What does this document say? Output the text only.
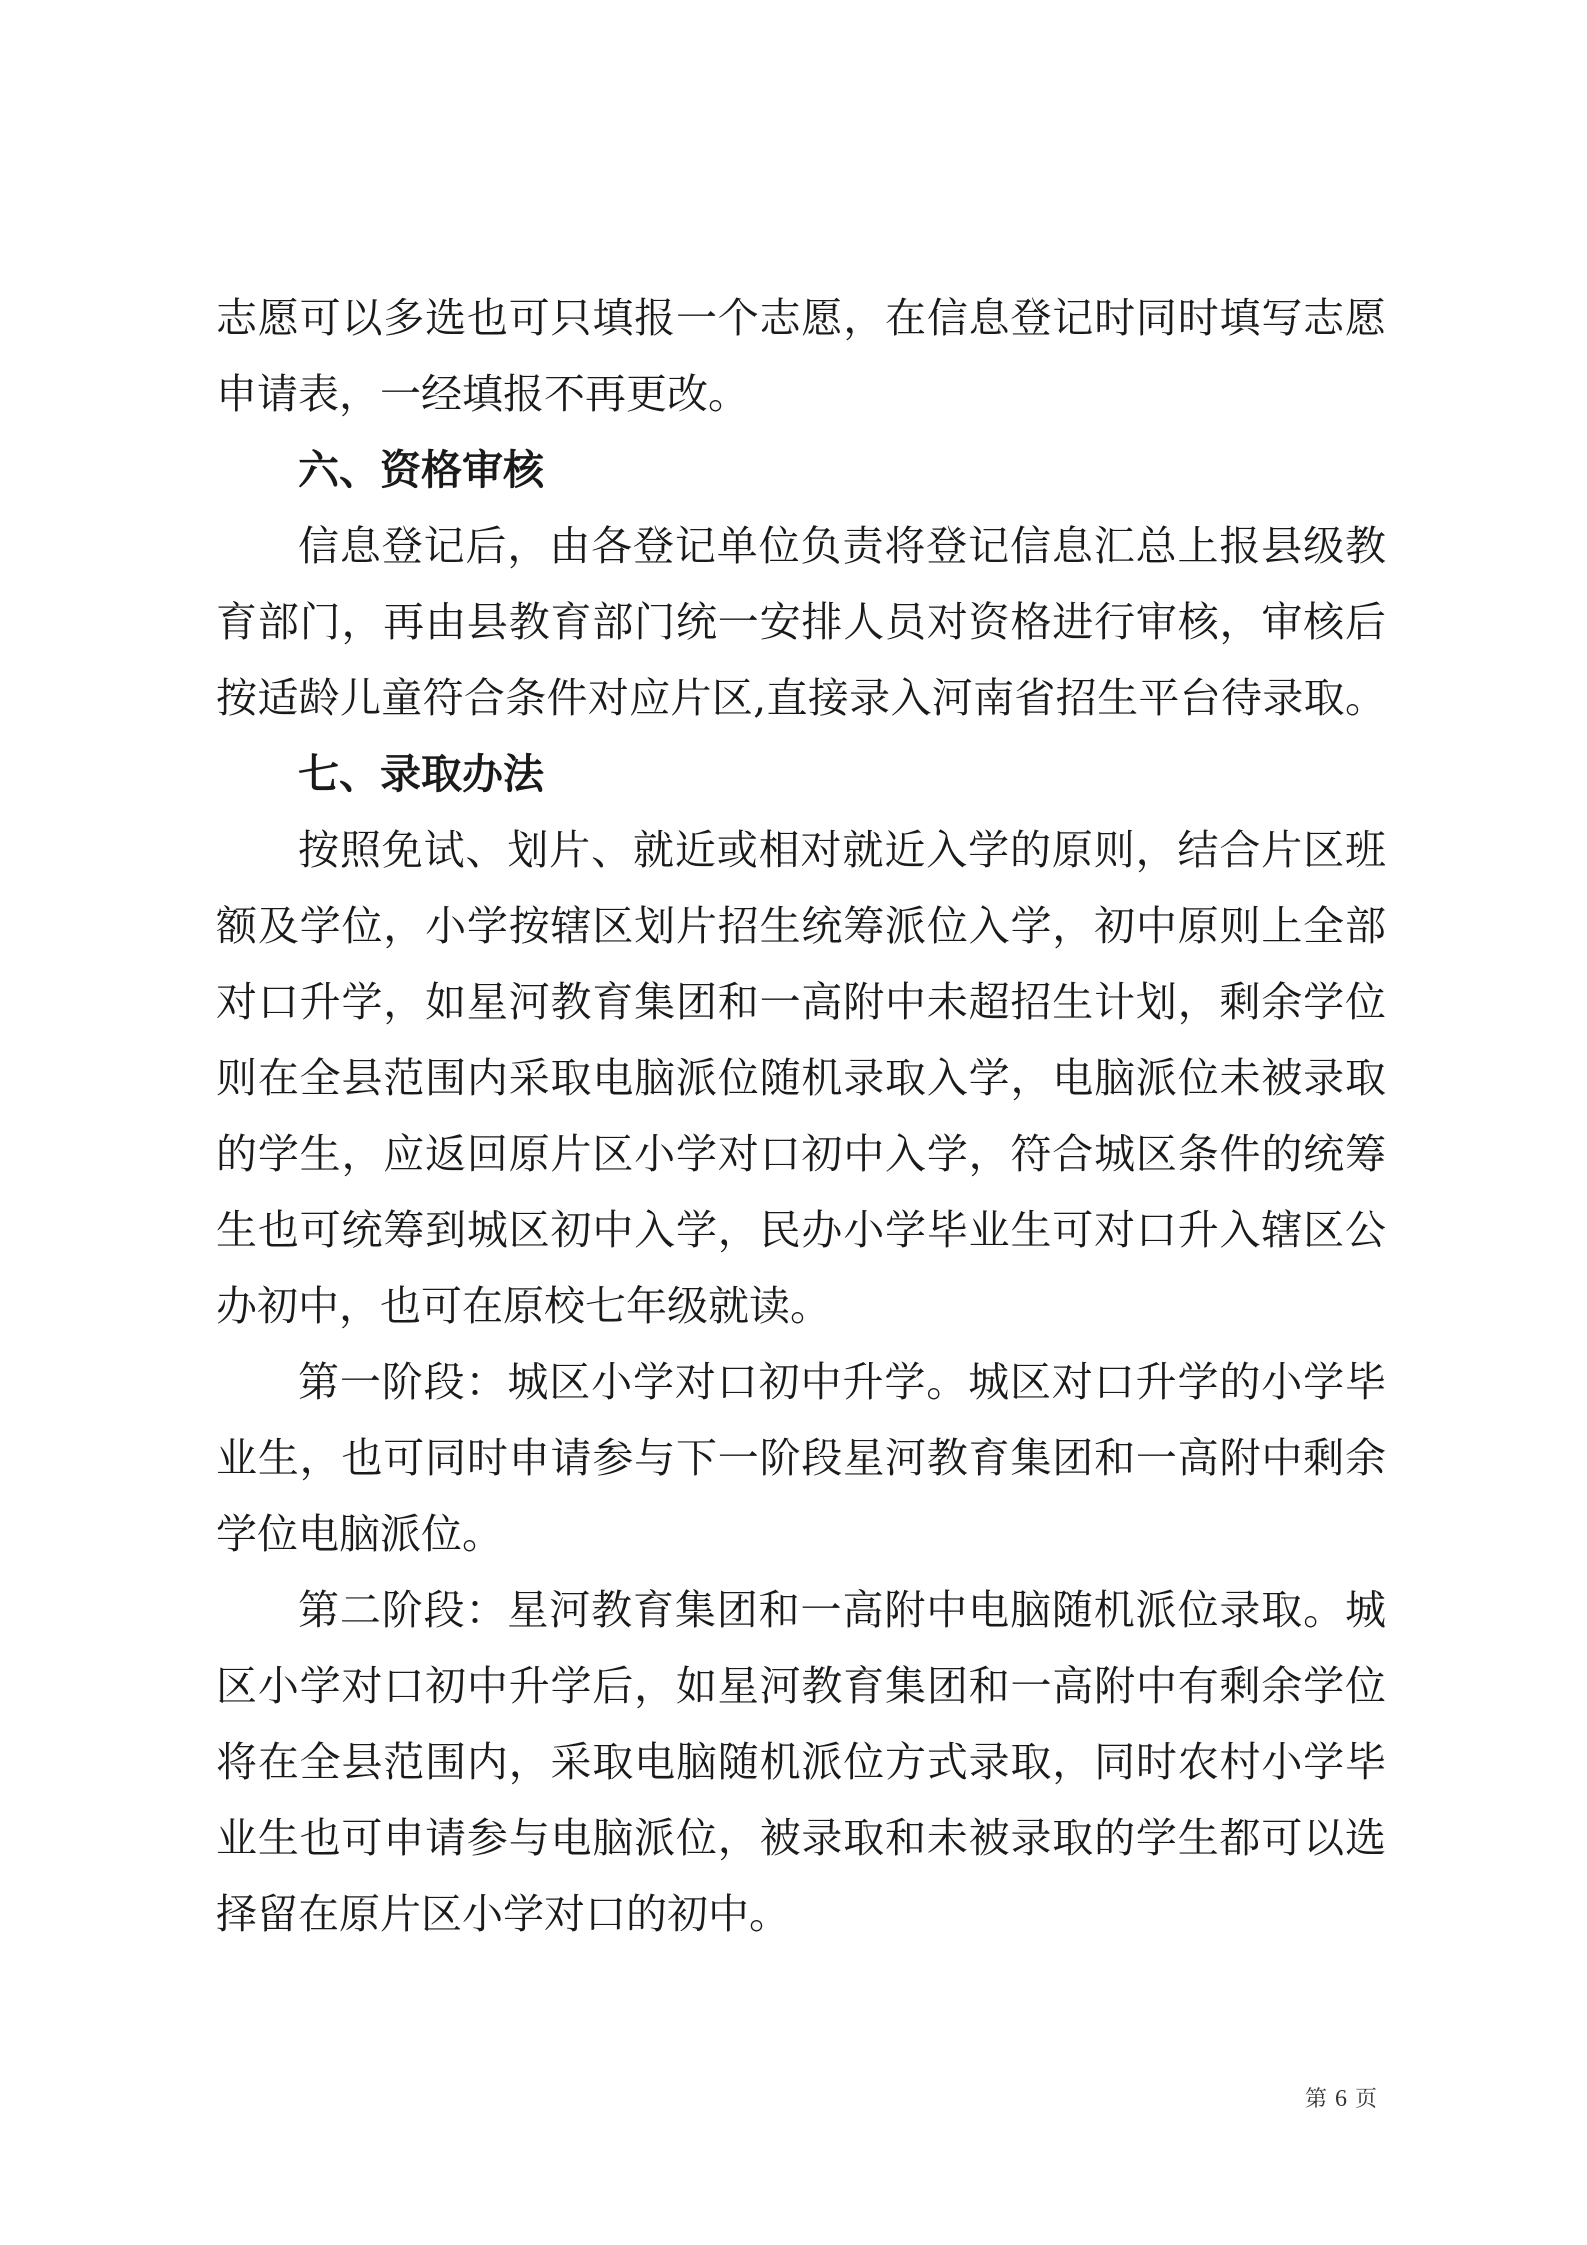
志愿可以多选也可只填报一个志愿，在信息登记时同时填写志愿
申请表，一经填报不再更改。
六、资格审核
信息登记后，由各登记单位负责将登记信息汇总上报县级教
育部门，再由县教育部门统一安排人员对资格进行审核，审核后
按适龄儿童符合条件对应片区,直接录入河南省招生平台待录取。
七、录取办法
按照免试、划片、就近或相对就近入学的原则，结合片区班
额及学位，小学按辖区划片招生统筹派位入学，初中原则上全部
对口升学，如星河教育集团和一高附中未超招生计划，剩余学位
则在全县范围内采取电脑派位随机录取入学，电脑派位未被录取
的学生，应返回原片区小学对口初中入学，符合城区条件的统筹
生也可统筹到城区初中入学，民办小学毕业生可对口升入辖区公
办初中，也可在原校七年级就读。
第一阶段：城区小学对口初中升学。城区对口升学的小学毕
业生，也可同时申请参与下一阶段星河教育集团和一高附中剩余
学位电脑派位。
第二阶段：星河教育集团和一高附中电脑随机派位录取。城
区小学对口初中升学后，如星河教育集团和一高附中有剩余学位
将在全县范围内，采取电脑随机派位方式录取，同时农村小学毕
业生也可申请参与电脑派位，被录取和未被录取的学生都可以选
择留在原片区小学对口的初中。
第 6 页
